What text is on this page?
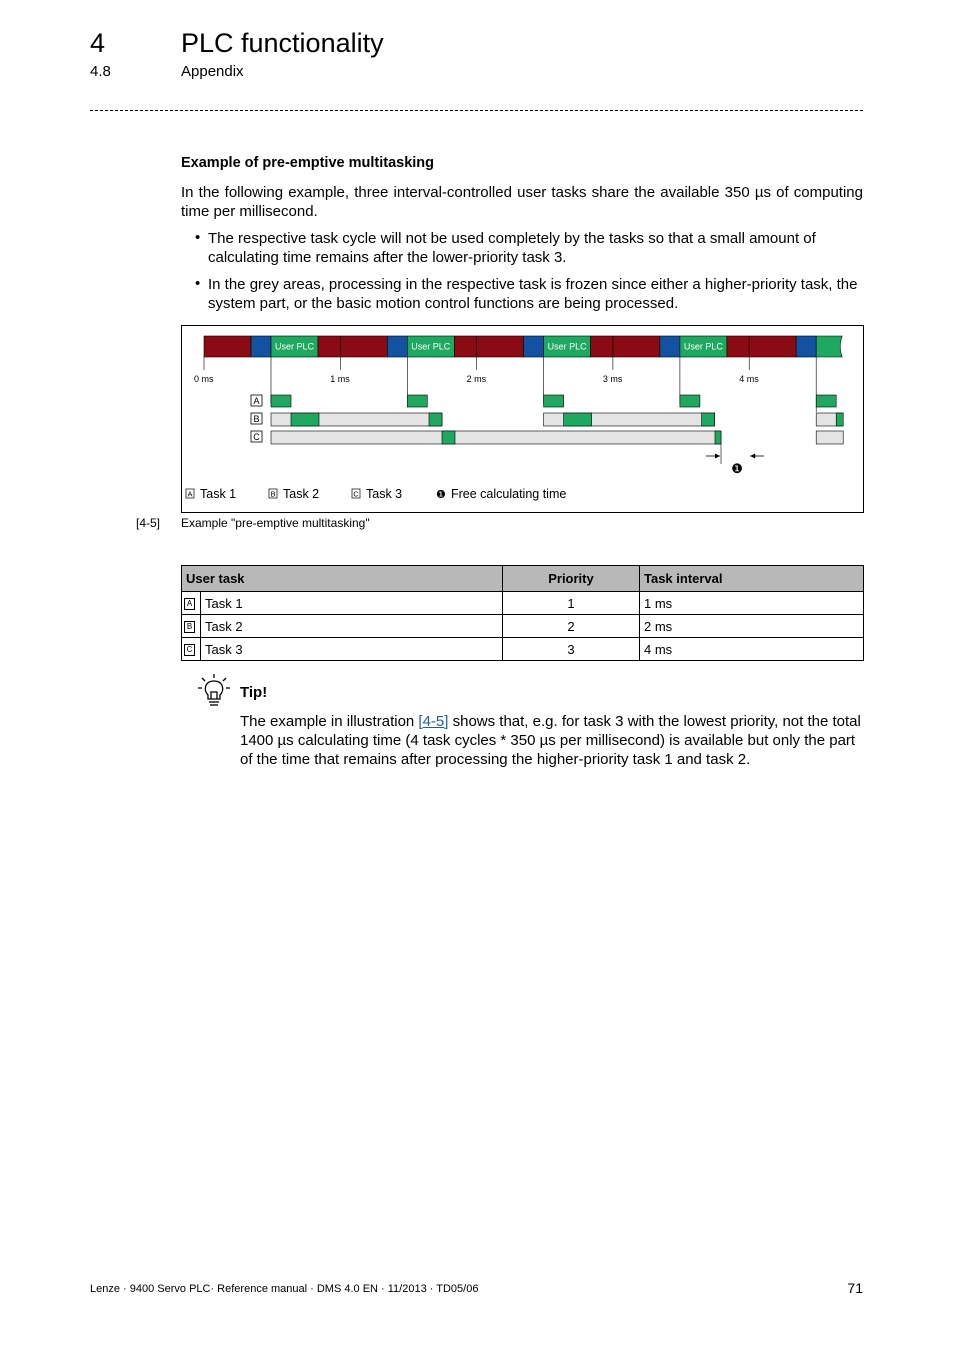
4	PLC functionality
4.8	Appendix
Example of pre-emptive multitasking
In the following example, three interval-controlled user tasks share the available 350 µs of computing time per millisecond.
• The respective task cycle will not be used completely by the tasks so that a small amount of calculating time remains after the lower-priority task 3.
• In the grey areas, processing in the respective task is frozen since either a higher-priority task, the system part, or the basic motion control functions are being processed.
User PLC	User PLC	User PLC	User PLC
0 ms	1 ms	2 ms	3 ms	4 ms
A
B
C
❶
A Task 1	B Task 2	C Task 3	❶ Free calculating time
[4-5] Example "pre-emptive multitasking"
User task		Priority	Task interval
A	Task 1	1	1 ms
B	Task 2	2	2 ms
C	Task 3	3	4 ms
Tip!
The example in illustration [4-5] shows that, e.g. for task 3 with the lowest priority, not the total 1400 µs calculating time (4 task cycles * 350 µs per millisecond) is available but only the part of the time that remains after processing the higher-priority task 1 and task 2.
Lenze · 9400 Servo PLC· Reference manual · DMS 4.0 EN · 11/2013 · TD05/06	71
